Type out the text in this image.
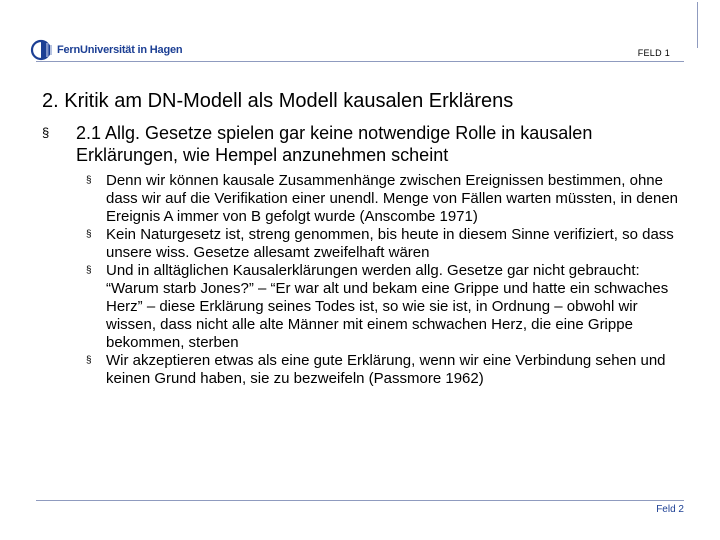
FernUniversität in Hagen	FELD 1
2. Kritik am DN-Modell als Modell kausalen Erklärens
§ 2.1 Allg. Gesetze spielen gar keine notwendige Rolle in kausalen Erklärungen, wie Hempel anzunehmen scheint
§ Denn wir können kausale Zusammenhänge zwischen Ereignissen bestimmen, ohne dass wir auf die Verifikation einer unendl. Menge von Fällen warten müssten, in denen Ereignis A immer von B gefolgt wurde (Anscombe 1971)
§ Kein Naturgesetz ist, streng genommen, bis heute in diesem Sinne verifiziert, so dass unsere wiss. Gesetze allesamt zweifelhaft wären
§ Und in alltäglichen Kausalerklärungen werden allg. Gesetze gar nicht gebraucht: “Warum starb Jones?” – “Er war alt und bekam eine Grippe und hatte ein schwaches Herz” – diese Erklärung seines Todes ist, so wie sie ist, in Ordnung – obwohl wir wissen, dass nicht alle alte Männer mit einem schwachen Herz, die eine Grippe bekommen, sterben
§ Wir akzeptieren etwas als eine gute Erklärung, wenn wir eine Verbindung sehen und keinen Grund haben, sie zu bezweifeln (Passmore 1962)
Feld 2
